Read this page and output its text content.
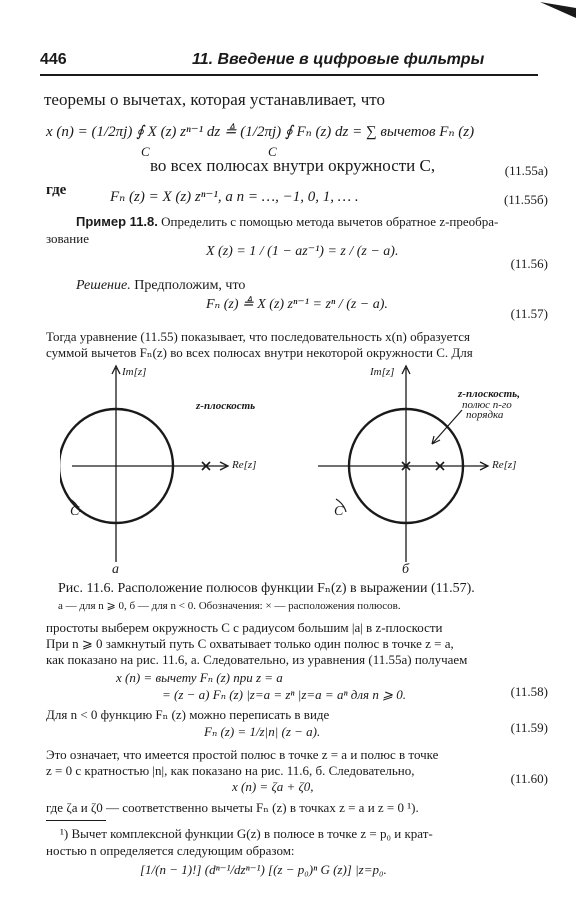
446	11. Введение в цифровые фильтры
теоремы о вычетах, которая устанавливает, что
x (n) = (1/2πj) ∮ X (z) zⁿ⁻¹ dz ≜ (1/2πj) ∮ Fₙ (z) dz = ∑ вычетов Fₙ (z)
C	C
во всех полюсах внутри окружности C,	(11.55а)
где	Fₙ (z) = X (z) zⁿ⁻¹, а n = …, −1, 0, 1, … .	(11.55б)
Пример 11.8. Определить с помощью метода вычетов обратное z-преобра-
зование
X (z) = 1 / (1 − az⁻¹) = z / (z − a).
(11.56)
Решение. Предположим, что
Fₙ (z) ≜ X (z) zⁿ⁻¹ = zⁿ / (z − a).
(11.57)
Тогда уравнение (11.55) показывает, что последовательность x(n) образуется
суммой вычетов Fₙ(z) во всех полюсах внутри некоторой окружности C. Для
Im[z]
Re[z]
z-плоскость
C
а
Im[z]
Re[z]
z-плоскость,
полюс n-го
порядка
C
б
Рис. 11.6. Расположение полюсов функции Fₙ(z) в выражении (11.57).
а — для n ⩾ 0, б — для n < 0. Обозначения: × — расположения полюсов.
простоты выберем окружность C с радиусом большим |a| в z-плоскости
При n ⩾ 0 замкнутый путь C охватывает только один полюс в точке z = a,
как показано на рис. 11.6, а. Следовательно, из уравнения (11.55а) получаем
x (n) = вычету Fₙ (z) при z = a
= (z − a) Fₙ (z) |z=a = zⁿ |z=a = aⁿ для n ⩾ 0.	(11.58)
Для n < 0 функцию Fₙ (z) можно переписать в виде
Fₙ (z) = 1/z|n| (z − a).	(11.59)
Это означает, что имеется простой полюс в точке z = a и полюс в точке
z = 0 с кратностью |n|, как показано на рис. 11.6, б. Следовательно,
x (n) = ζa + ζ0,
(11.60)
где ζa и ζ0 — соответственно вычеты Fₙ (z) в точках z = a и z = 0 ¹).
¹) Вычет комплексной функции G(z) в полюсе в точке z = p₀ и крат-
ностью n определяется следующим образом:
[1/(n − 1)!] (dⁿ⁻¹/dzⁿ⁻¹) [(z − p₀)ⁿ G (z)] |z=p₀.
